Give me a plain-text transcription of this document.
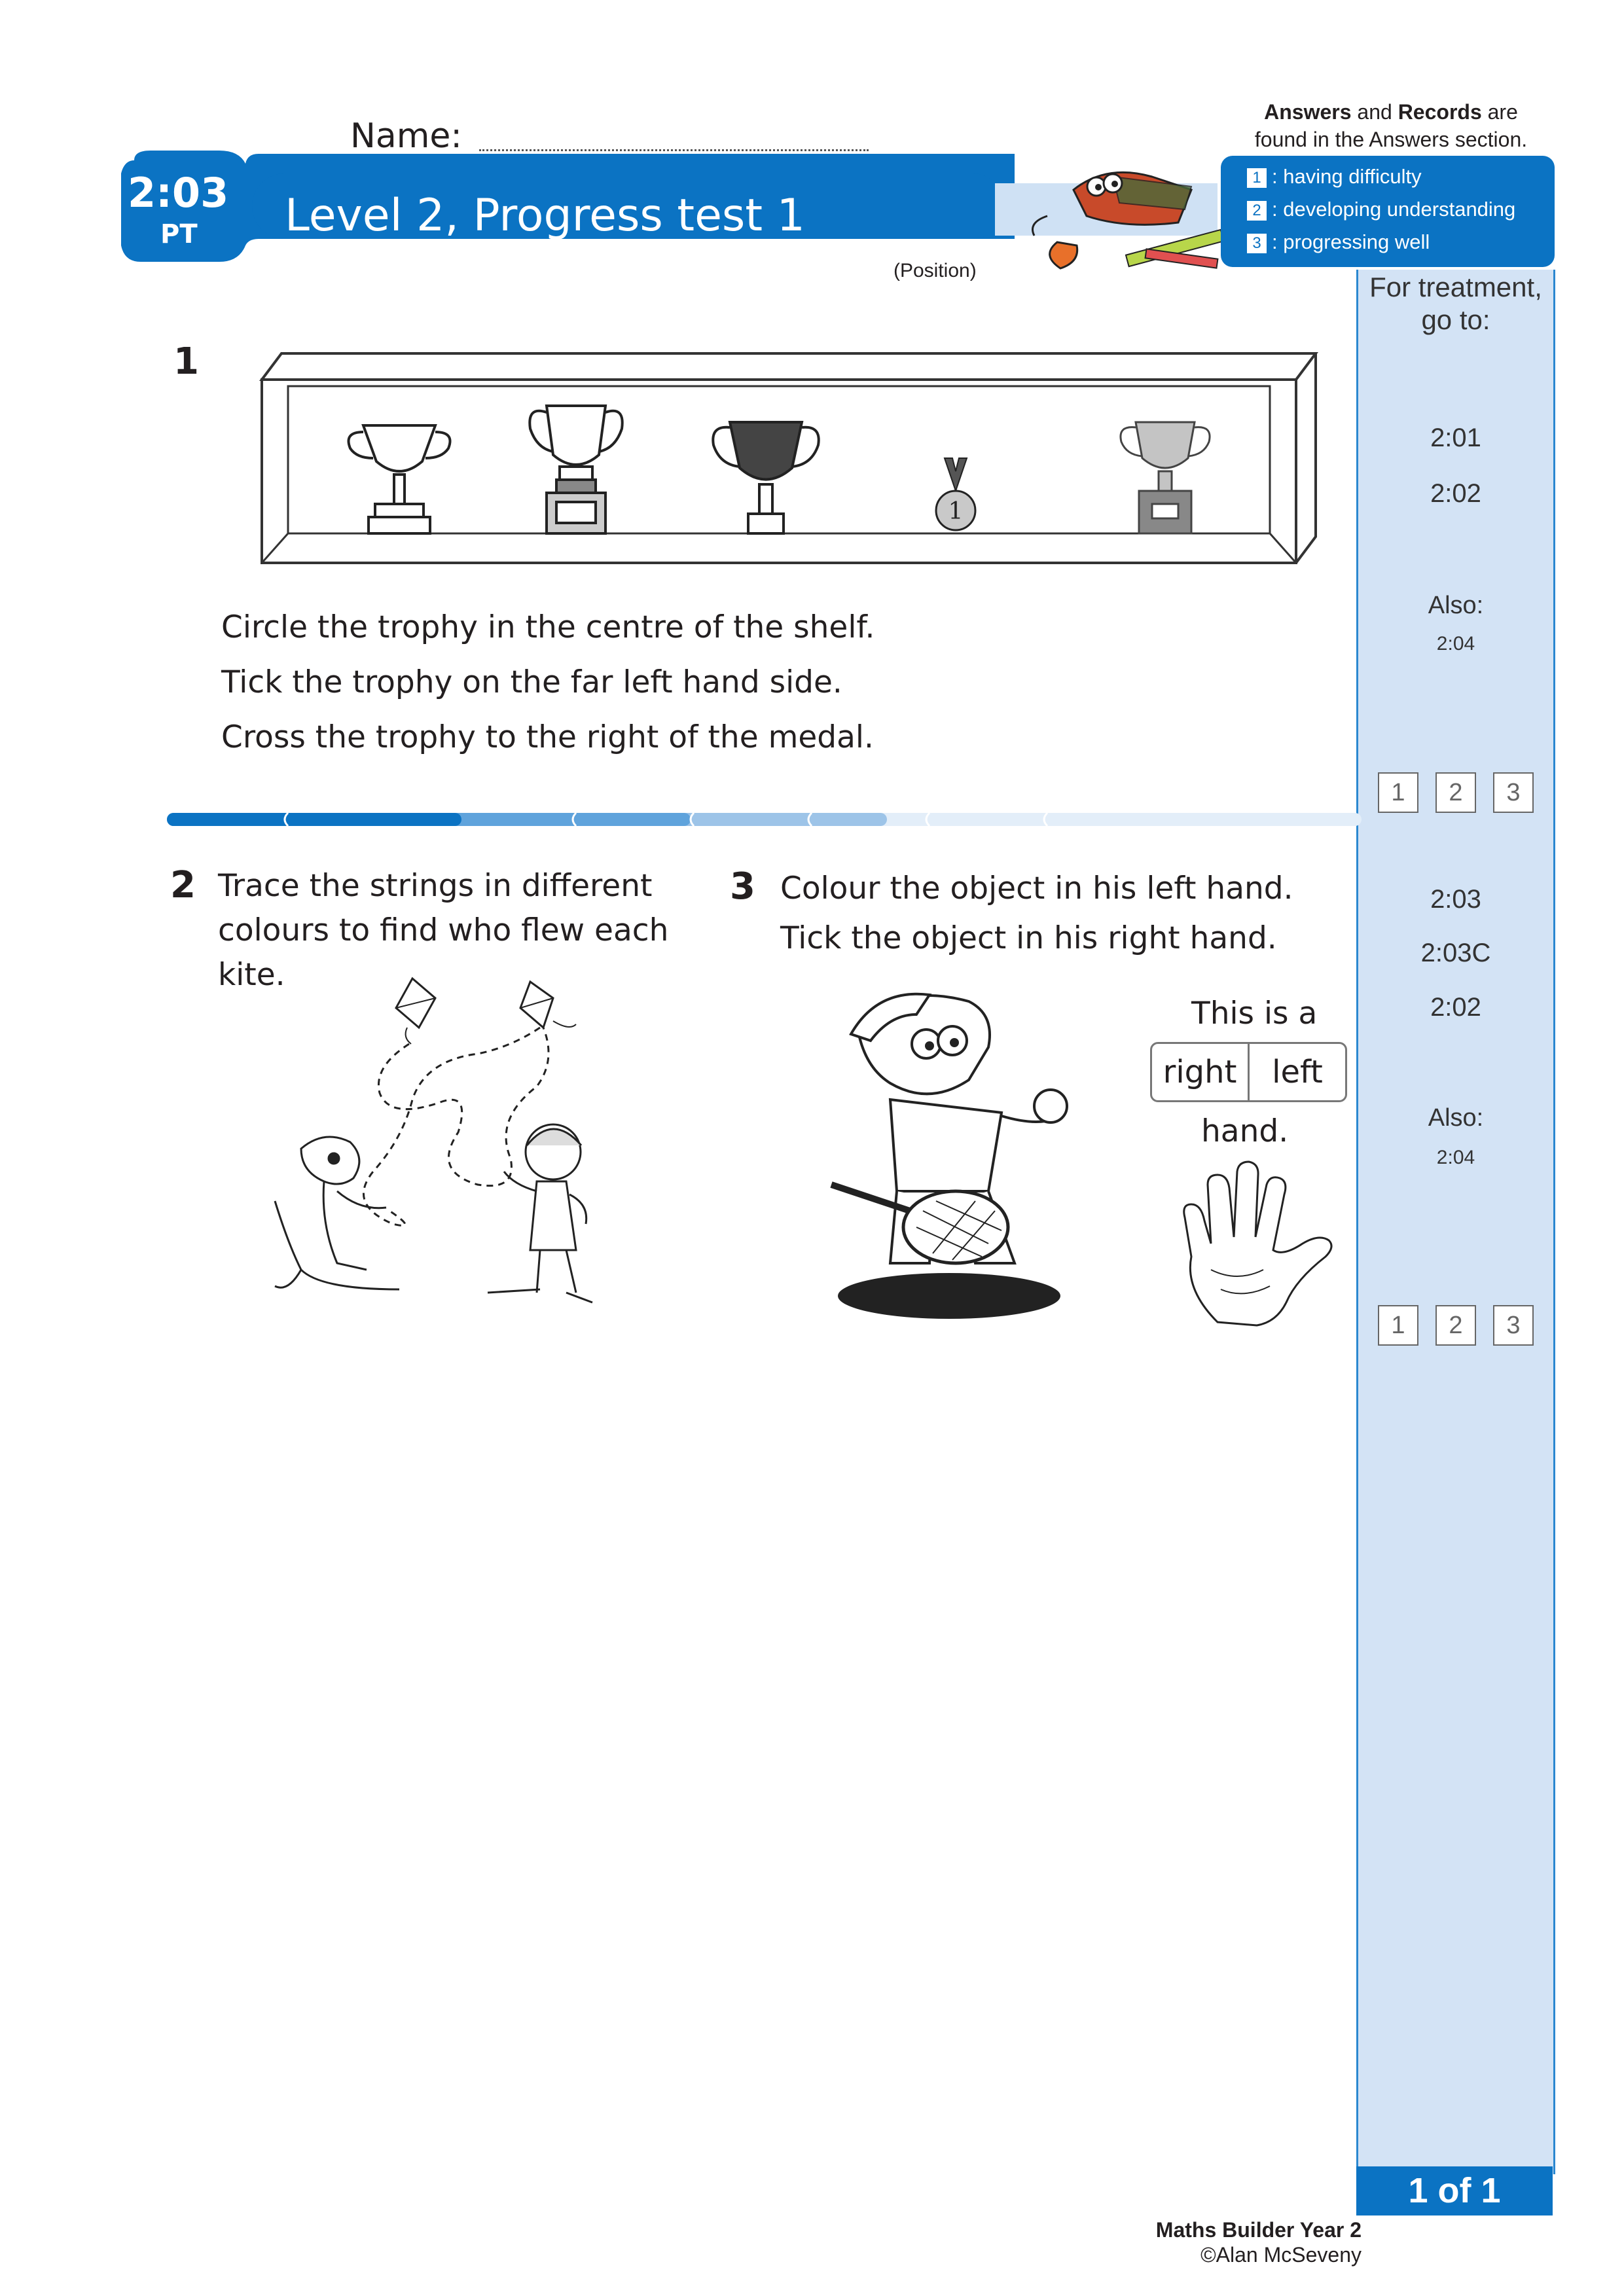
Name:
2:03
PT Level 2, Progress test 1
(Position)
Answers and Records are
found in the Answers section.
1 : having difficulty
2 : developing understanding
3 : progressing well
For treatment,
go to:
2:01
2:02
Also:
2:04
1	2	3
2:03
2:03C
2:02
Also:
2:04
1	2	3
1
1
Circle the trophy in the centre of the shelf.
Tick the trophy on the far left hand side.
Cross the trophy to the right of the medal.
2 Trace the strings in different
colours to find who flew each
kite.
3 Colour the object in his left hand.
Tick the object in his right hand.
This is a
right	left
hand.
1 of 1
Maths Builder Year 2
©Alan McSeveny
